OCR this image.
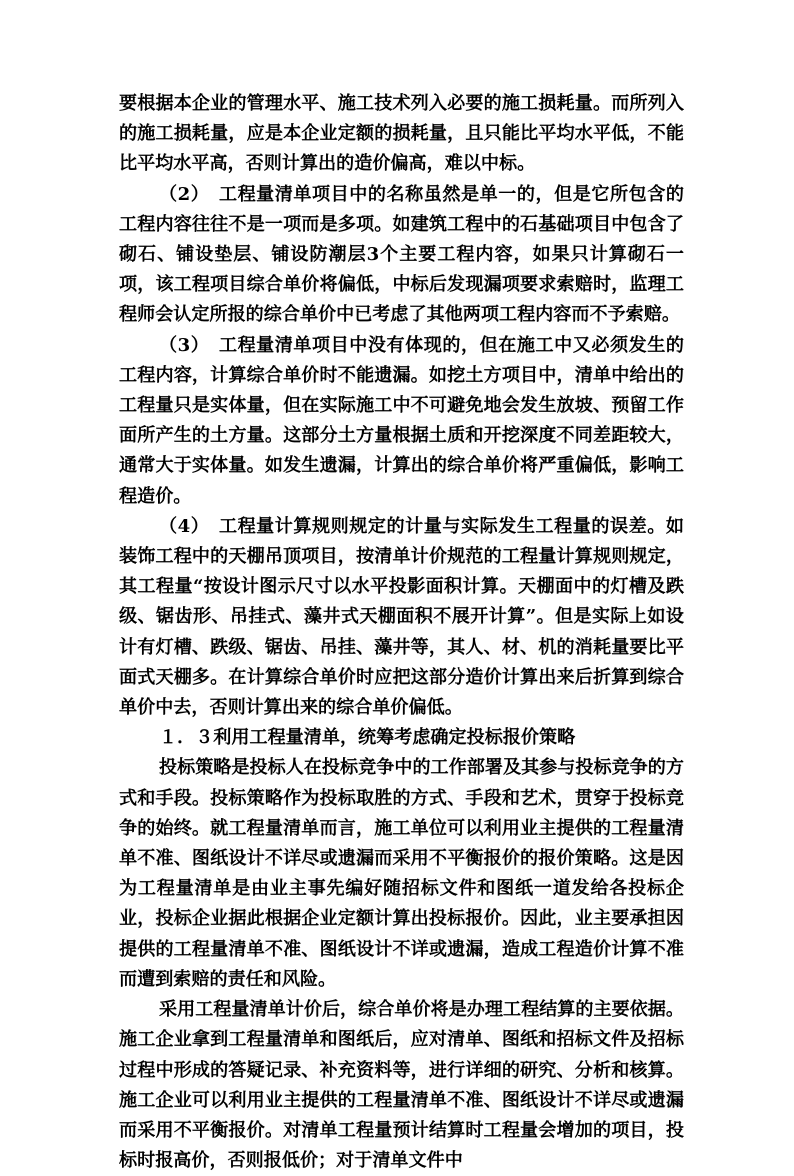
要根据本企业的管理水平、施工技术列入必要的施工损耗量。而所列入的施工损耗量，应是本企业定额的损耗量，且只能比平均水平低，不能比平均水平高，否则计算出的造价偏高，难以中标。

（2）　工程量清单项目中的名称虽然是单一的，但是它所包含的工程内容往往不是一项而是多项。如建筑工程中的石基础项目中包含了砌石、铺设垫层、铺设防潮层3个主要工程内容，如果只计算砌石一项，该工程项目综合单价将偏低，中标后发现漏项要求索赔时，监理工程师会认定所报的综合单价中已考虑了其他两项工程内容而不予索赔。

（3）　工程量清单项目中没有体现的，但在施工中又必须发生的工程内容，计算综合单价时不能遗漏。如挖土方项目中，清单中给出的工程量只是实体量，但在实际施工中不可避免地会发生放坡、预留工作面所产生的土方量。这部分土方量根据土质和开挖深度不同差距较大，通常大于实体量。如发生遗漏，计算出的综合单价将严重偏低，影响工程造价。

（4）　工程量计算规则规定的计量与实际发生工程量的误差。如装饰工程中的天棚吊顶项目，按清单计价规范的工程量计算规则规定，其工程量“按设计图示尺寸以水平投影面积计算。天棚面中的灯槽及跌级、锯齿形、吊挂式、藻井式天棚面积不展开计算”。但是实际上如设计有灯槽、跌级、锯齿、吊挂、藻井等，其人、材、机的消耗量要比平面式天棚多。在计算综合单价时应把这部分造价计算出来后折算到综合单价中去，否则计算出来的综合单价偏低。

１．３利用工程量清单，统筹考虑确定投标报价策略

投标策略是投标人在投标竞争中的工作部署及其参与投标竞争的方式和手段。投标策略作为投标取胜的方式、手段和艺术，贯穿于投标竞争的始终。就工程量清单而言，施工单位可以利用业主提供的工程量清单不准、图纸设计不详尽或遗漏而采用不平衡报价的报价策略。这是因为工程量清单是由业主事先编好随招标文件和图纸一道发给各投标企业，投标企业据此根据企业定额计算出投标报价。因此，业主要承担因提供的工程量清单不准、图纸设计不详或遗漏，造成工程造价计算不准而遭到索赔的责任和风险。

采用工程量清单计价后，综合单价将是办理工程结算的主要依据。施工企业拿到工程量清单和图纸后，应对清单、图纸和招标文件及招标过程中形成的答疑记录、补充资料等，进行详细的研究、分析和核算。施工企业可以利用业主提供的工程量清单不准、图纸设计不详尽或遗漏而采用不平衡报价。对清单工程量预计结算时工程量会增加的项目，投标时报高价，否则报低价；对于清单文件中
